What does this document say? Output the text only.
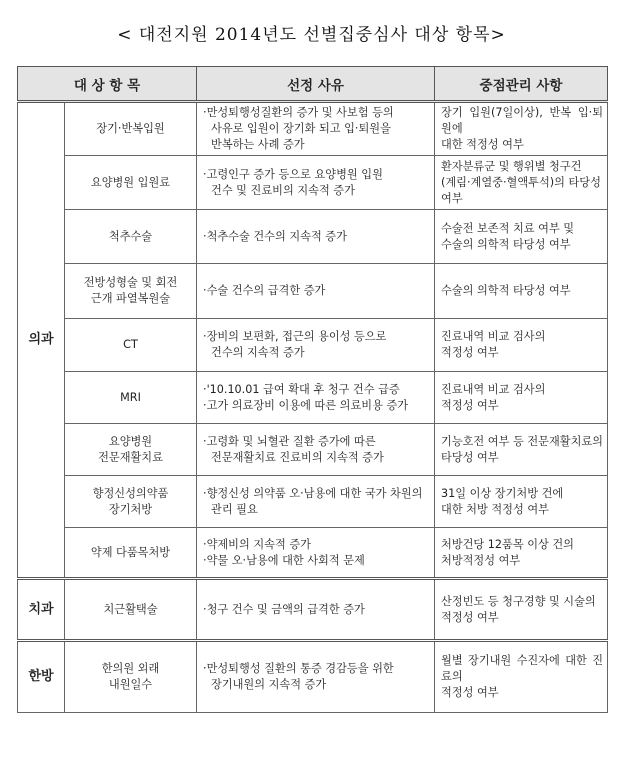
< 대전지원 2014년도 선별집중심사 대상 항목>
대 상 항 목		선정 사유	중점관리 사항
의과	장기·반복입원	·만성퇴행성질환의 증가 및 사보험 등의
사유로 입원이 장기화 되고 입·퇴원을
반복하는 사례 증가	장기 입원(7일이상), 반복 입·퇴원에
대한 적정성 여부

	요양병원 입원료	·고령인구 증가 등으로 요양병원 입원
건수 및 진료비의 지속적 증가	환자분류군 및 행위별 청구건
(계림·계열중·혈액투석)의 타당성
여부

	척추수술	·척추수술 건수의 지속적 증가	수술전 보존적 치료 여부 및
수술의 의학적 타당성 여부

	전방성형술 및 회전
근개 파열복원술	·수술 건수의 급격한 증가	수술의 의학적 타당성 여부

	CT	·장비의 보편화, 접근의 용이성 등으로
건수의 지속적 증가	진료내역 비교 검사의
적정성 여부

	MRI	·'10.10.01 급여 확대 후 청구 건수 급증
·고가 의료장비 이용에 따른 의료비용 증가	진료내역 비교 검사의
적정성 여부

	요양병원
전문재활치료	·고령화 및 뇌혈관 질환 증가에 따른
전문재활치료 진료비의 지속적 증가	기능호전 여부 등 전문재활치료의
타당성 여부

	향정신성의약품
장기처방	·향정신성 의약품 오·남용에 대한 국가 차원의
관리 필요	31일 이상 장기처방 건에
대한 처방 적정성 여부

	약제 다품목처방	·약제비의 지속적 증가
·약물 오·남용에 대한 사회적 문제	처방건당 12품목 이상 건의
처방적정성 여부

치과	치근활택술	·청구 건수 및 금액의 급격한 증가	산정빈도 등 청구경향 및 시술의
적정성 여부

한방	한의원 외래
내원일수	·만성퇴행성 질환의 통증 경감등을 위한
장기내원의 지속적 증가	월별 장기내원 수진자에 대한 진료의
적정성 여부
